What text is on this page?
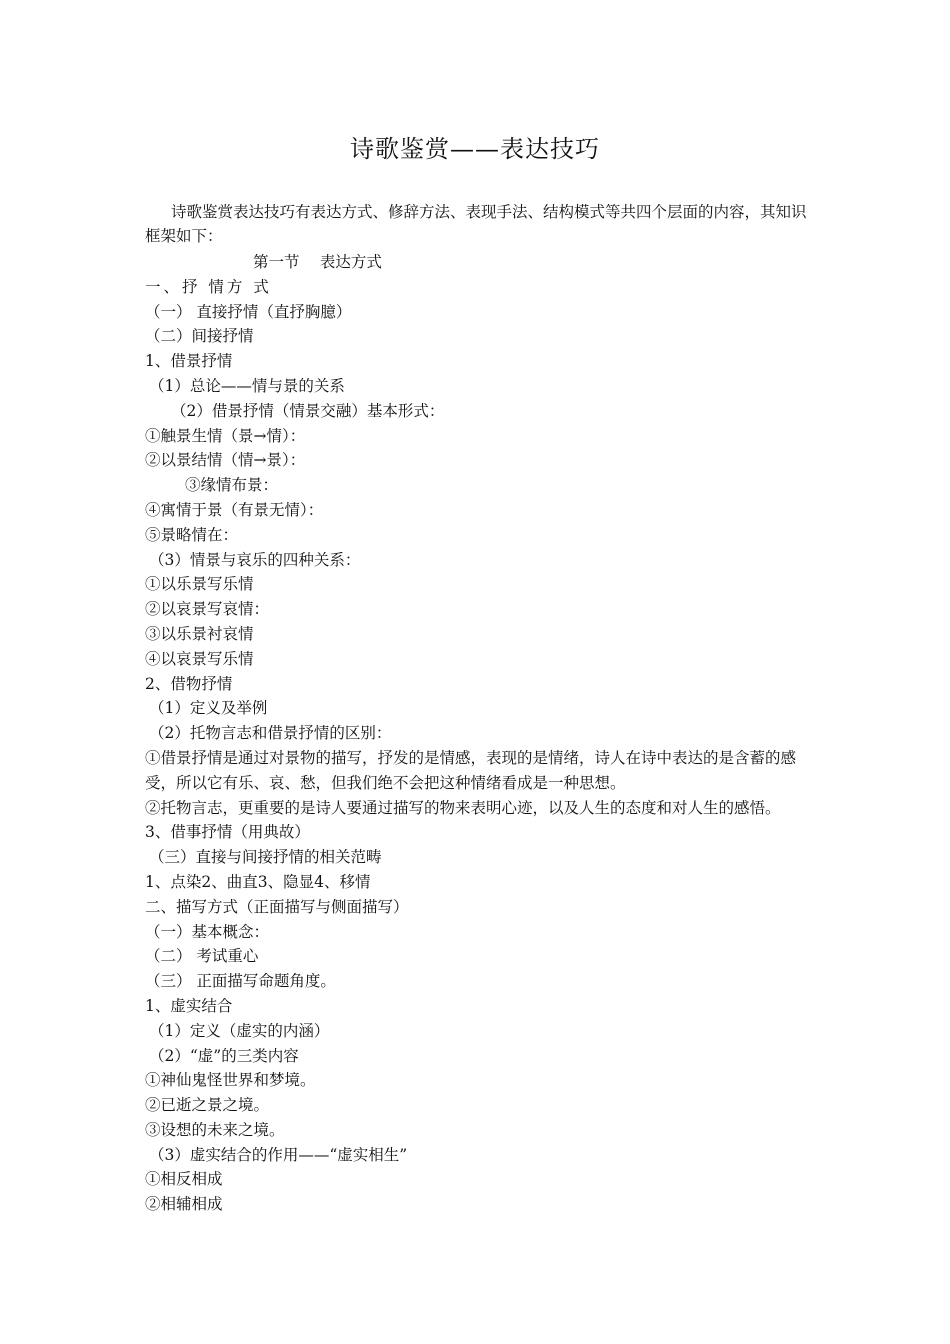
诗歌鉴赏——表达技巧
诗歌鉴赏表达技巧有表达方式、修辞方法、表现手法、结构模式等共四个层面的内容，其知识框架如下：
第一节　 表达方式
一、抒 情方 式
（一） 直接抒情（直抒胸臆）
（二）间接抒情
1、借景抒情
（1）总论——情与景的关系
（2）借景抒情（情景交融）基本形式：
①触景生情（景→情）：
②以景结情（情→景）：
③缘情布景：
④寓情于景（有景无情）：
⑤景略情在：
（3）情景与哀乐的四种关系：
①以乐景写乐情
②以哀景写哀情：
③以乐景衬哀情
④以哀景写乐情
2、借物抒情
（1）定义及举例
（2）托物言志和借景抒情的区别：
①借景抒情是通过对景物的描写，抒发的是情感，表现的是情绪，诗人在诗中表达的是含蓄的感受，所以它有乐、哀、愁，但我们绝不会把这种情绪看成是一种思想。
②托物言志，更重要的是诗人要通过描写的物来表明心迹，以及人生的态度和对人生的感悟。
3、借事抒情（用典故）
（三）直接与间接抒情的相关范畴
1、点染2、曲直3、隐显4、移情
二、描写方式（正面描写与侧面描写）
（一）基本概念：
（二） 考试重心
（三） 正面描写命题角度。
1、虚实结合
（1）定义（虚实的内涵）
（2）“虚”的三类内容
①神仙鬼怪世界和梦境。
②已逝之景之境。
③设想的未来之境。
（3）虚实结合的作用——“虚实相生”
①相反相成
②相辅相成
